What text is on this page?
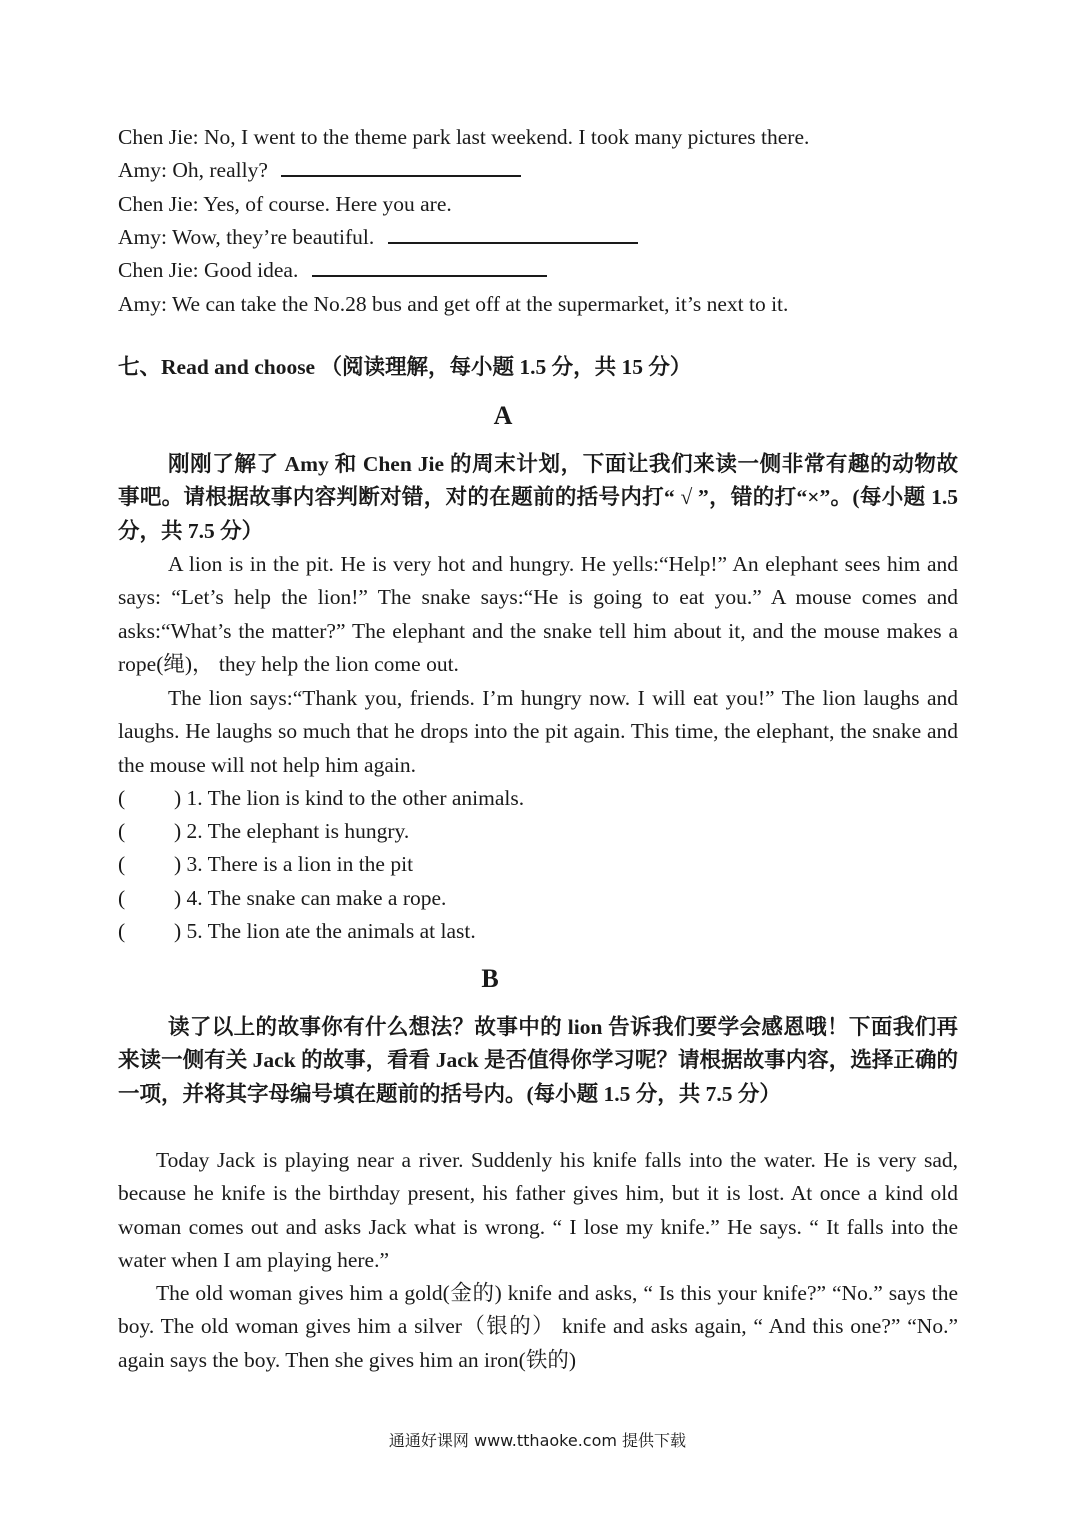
Chen Jie: No, I went to the theme park last weekend. I took many pictures there.
Amy: Oh, really?
Chen Jie: Yes, of course. Here you are.
Amy: Wow, they’re beautiful.
Chen Jie: Good idea.
Amy: We can take the No.28 bus and get off at the supermarket, it’s next to it.
七、Read and choose （阅读理解，每小题 1.5 分，共 15 分）
A
刚刚了解了 Amy 和 Chen Jie 的周末计划，下面让我们来读一侧非常有趣的动物故事吧。请根据故事内容判断对错，对的在题前的括号内打“ √ ”，错的打“×”。(每小题 1.5 分，共 7.5 分）
A lion is in the pit. He is very hot and hungry. He yells:“Help!” An elephant sees him and says: “Let’s help the lion!” The snake says:“He is going to eat you.” A mouse comes and asks:“What’s the matter?” The elephant and the snake tell him about it, and the mouse makes a rope(绳)， they help the lion come out.
The lion says:“Thank you, friends. I’m hungry now. I will eat you!” The lion laughs and laughs. He laughs so much that he drops into the pit again. This time, the elephant, the snake and the mouse will not help him again.
( ) 1. The lion is kind to the other animals.
( ) 2. The elephant is hungry.
( ) 3. There is a lion in the pit
( ) 4. The snake can make a rope.
( ) 5. The lion ate the animals at last.
B
读了以上的故事你有什么想法？故事中的 lion 告诉我们要学会感恩哦！下面我们再来读一侧有关 Jack 的故事，看看 Jack 是否值得你学习呢？请根据故事内容，选择正确的一项，并将其字母编号填在题前的括号内。(每小题 1.5 分，共 7.5 分）
Today Jack is playing near a river. Suddenly his knife falls into the water. He is very sad, because he knife is the birthday present, his father gives him, but it is lost. At once a kind old woman comes out and asks Jack what is wrong. “ I lose my knife.” He says. “ It falls into the water when I am playing here.”
The old woman gives him a gold(金的) knife and asks, “ Is this your knife?” “No.” says the boy. The old woman gives him a silver（银的） knife and asks again, “ And this one?” “No.” again says the boy. Then she gives him an iron(铁的)
通通好课网 www.tthaoke.com 提供下载
